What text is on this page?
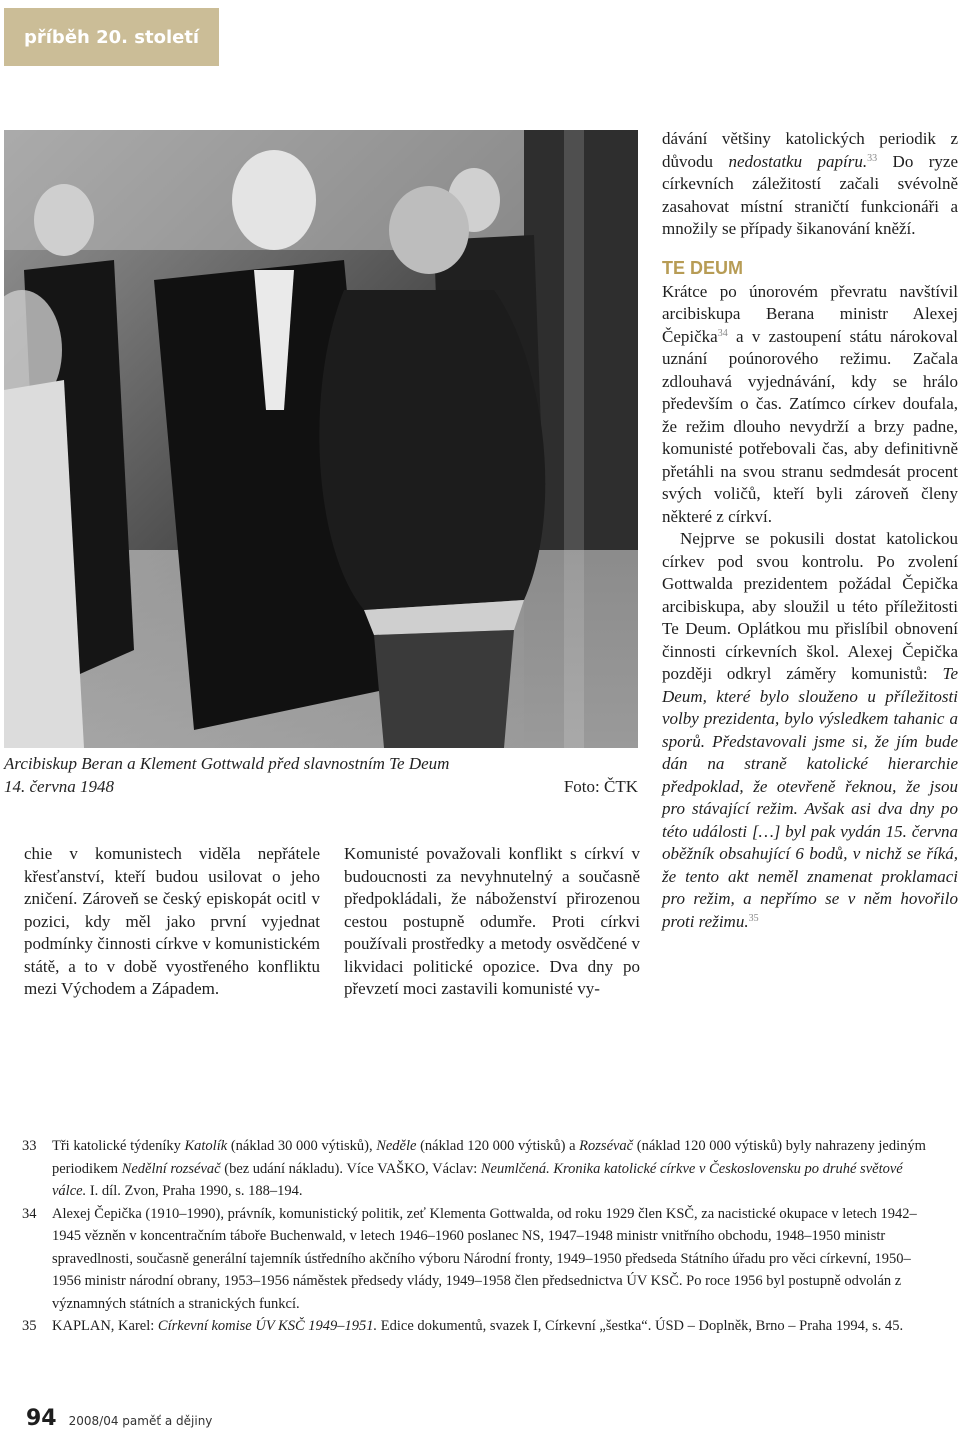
příběh 20. století
Arcibiskup Beran a Klement Gottwald před slavnostním Te Deum
14. června 1948	Foto: ČTK

chie v komunistech viděla nepřátele křesťanství, kteří budou usilovat o jeho zničení. Zároveň se český episkopát ocitl v pozici, kdy měl jako první vyjednat podmínky činnosti církve v komunistickém státě, a to v době vyostřeného konfliktu mezi Východem a Západem.

Komunisté považovali konflikt s církví v budoucnosti za nevyhnutelný a současně předpokládali, že náboženství přirozenou cestou postupně odumře. Proti církvi používali prostředky a metody osvědčené v likvidaci politické opozice. Dva dny po převzetí moci zastavili komunisté vy-

dávání většiny katolických periodik z důvodu nedostatku papíru.$^{33}$ Do ryze církevních záležitostí začali svévolně zasahovat místní straničtí funkcionáři a množily se případy šikanování kněží.

TE DEUM

Krátce po únorovém převratu navštívil arcibiskupa Berana ministr Alexej Čepička$^{34}$ a v zastoupení státu nárokoval uznání poúnorového režimu. Začala zdlouhavá vyjednávání, kdy se hrálo především o čas. Zatímco církev doufala, že režim dlouho nevydrží a brzy padne, komunisté potřebovali čas, aby definitivně přetáhli na svou stranu sedmdesát procent svých voličů, kteří byli zároveň členy některé z církví.

Nejprve se pokusili dostat katolickou církev pod svou kontrolu. Po zvolení Gottwalda prezidentem požádal Čepička arcibiskupa, aby sloužil u této příležitosti Te Deum. Oplátkou mu přislíbil obnovení činnosti církevních škol. Alexej Čepička později odkryl záměry komunistů: Te Deum, které bylo slouženo u příležitosti volby prezidenta, bylo výsledkem tahanic a sporů. Představovali jsme si, že jím bude dán na straně katolické hierarchie předpoklad, že otevřeně řeknou, že jsou pro stávající režim. Avšak asi dva dny po této události […] byl pak vydán 15. června oběžník obsahující 6 bodů, v nichž se říká, že tento akt neměl znamenat proklamaci pro režim, a nepřímo se v něm hovořilo proti režimu.$^{35}$

33	Tři katolické týdeníky Katolík (náklad 30 000 výtisků), Neděle (náklad 120 000 výtisků) a Rozsévač (náklad 120 000 výtisků) byly nahrazeny jediným periodikem Nedělní rozsévač (bez udání nákladu). Více VAŠKO, Václav: Neumlčená. Kronika katolické církve v Československu po druhé světové válce. I. díl. Zvon, Praha 1990, s. 188–194.
34	Alexej Čepička (1910–1990), právník, komunistický politik, zeť Klementa Gottwalda, od roku 1929 člen KSČ, za nacistické okupace v letech 1942–1945 vězněn v koncentračním táboře Buchenwald, v letech 1946–1960 poslanec NS, 1947–1948 ministr vnitřního obchodu, 1948–1950 ministr spravedlnosti, současně generální tajemník ústředního akčního výboru Národní fronty, 1949–1950 předseda Státního úřadu pro věci církevní, 1950–1956 ministr národní obrany, 1953–1956 náměstek předsedy vlády, 1949–1958 člen předsednictva ÚV KSČ. Po roce 1956 byl postupně odvolán z významných státních a stranických funkcí.
35	KAPLAN, Karel: Církevní komise ÚV KSČ 1949–1951. Edice dokumentů, svazek I, Církevní „šestka“. ÚSD – Doplněk, Brno – Praha 1994, s. 45.
94 2008/04 paměť a dějiny
